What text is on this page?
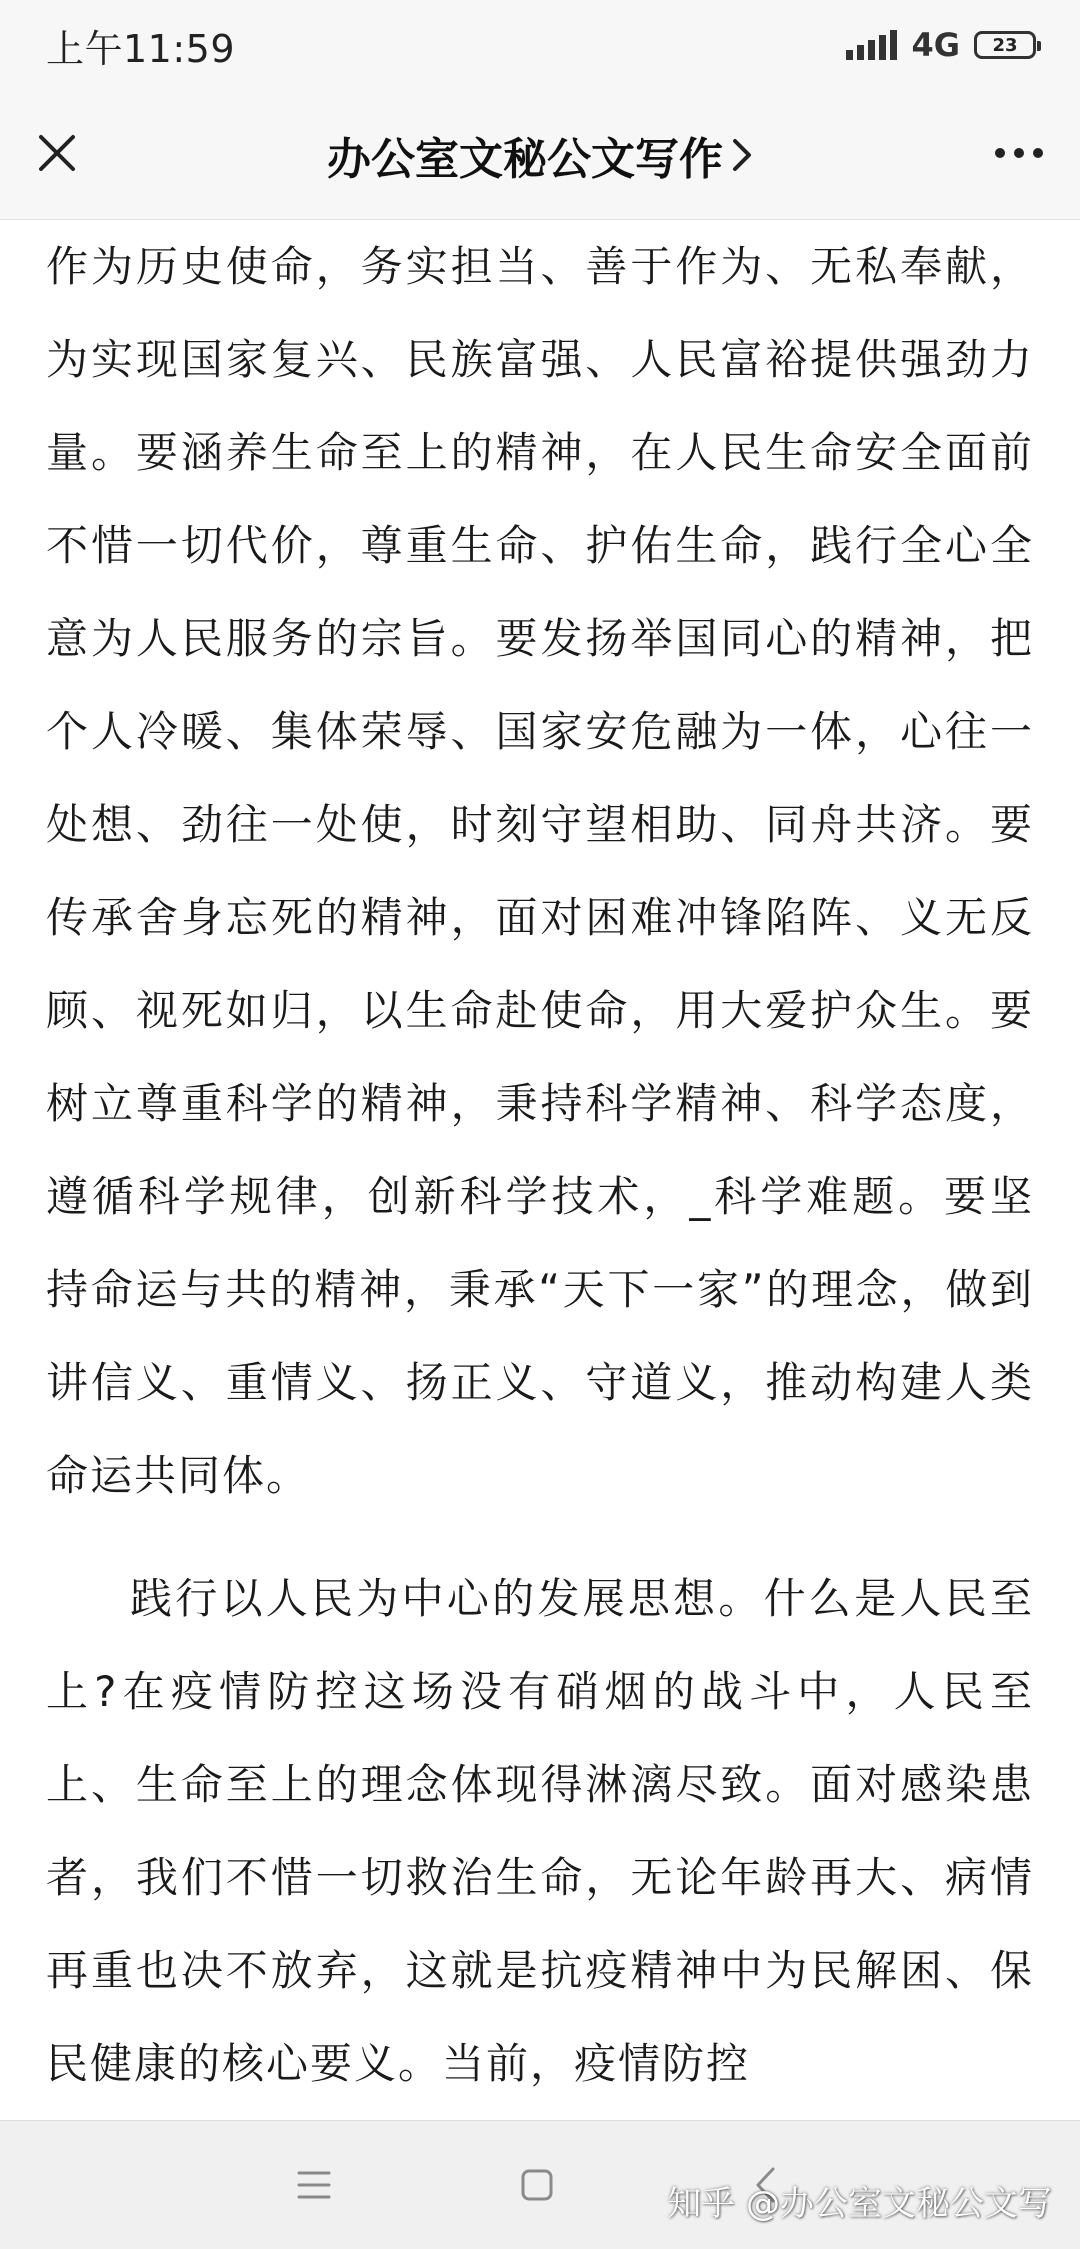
上午11:59	4G 23
办公室文秘公文写作

作为历史使命，务实担当、善于作为、无私奉献，为实现国家复兴、民族富强、人民富裕提供强劲力量。要涵养生命至上的精神，在人民生命安全面前不惜一切代价，尊重生命、护佑生命，践行全心全意为人民服务的宗旨。要发扬举国同心的精神，把个人冷暖、集体荣辱、国家安危融为一体，心往一处想、劲往一处使，时刻守望相助、同舟共济。要传承舍身忘死的精神，面对困难冲锋陷阵、义无反顾、视死如归，以生命赴使命，用大爱护众生。要树立尊重科学的精神，秉持科学精神、科学态度，遵循科学规律，创新科学技术，_科学难题。要坚持命运与共的精神，秉承“天下一家”的理念，做到讲信义、重情义、扬正义、守道义，推动构建人类命运共同体。

践行以人民为中心的发展思想。什么是人民至上?在疫情防控这场没有硝烟的战斗中，人民至上、生命至上的理念体现得淋漓尽致。面对感染患者，我们不惜一切救治生命，无论年龄再大、病情再重也决不放弃，这就是抗疫精神中为民解困、保民健康的核心要义。当前，疫情防控

知乎 @办公室文秘公文写
